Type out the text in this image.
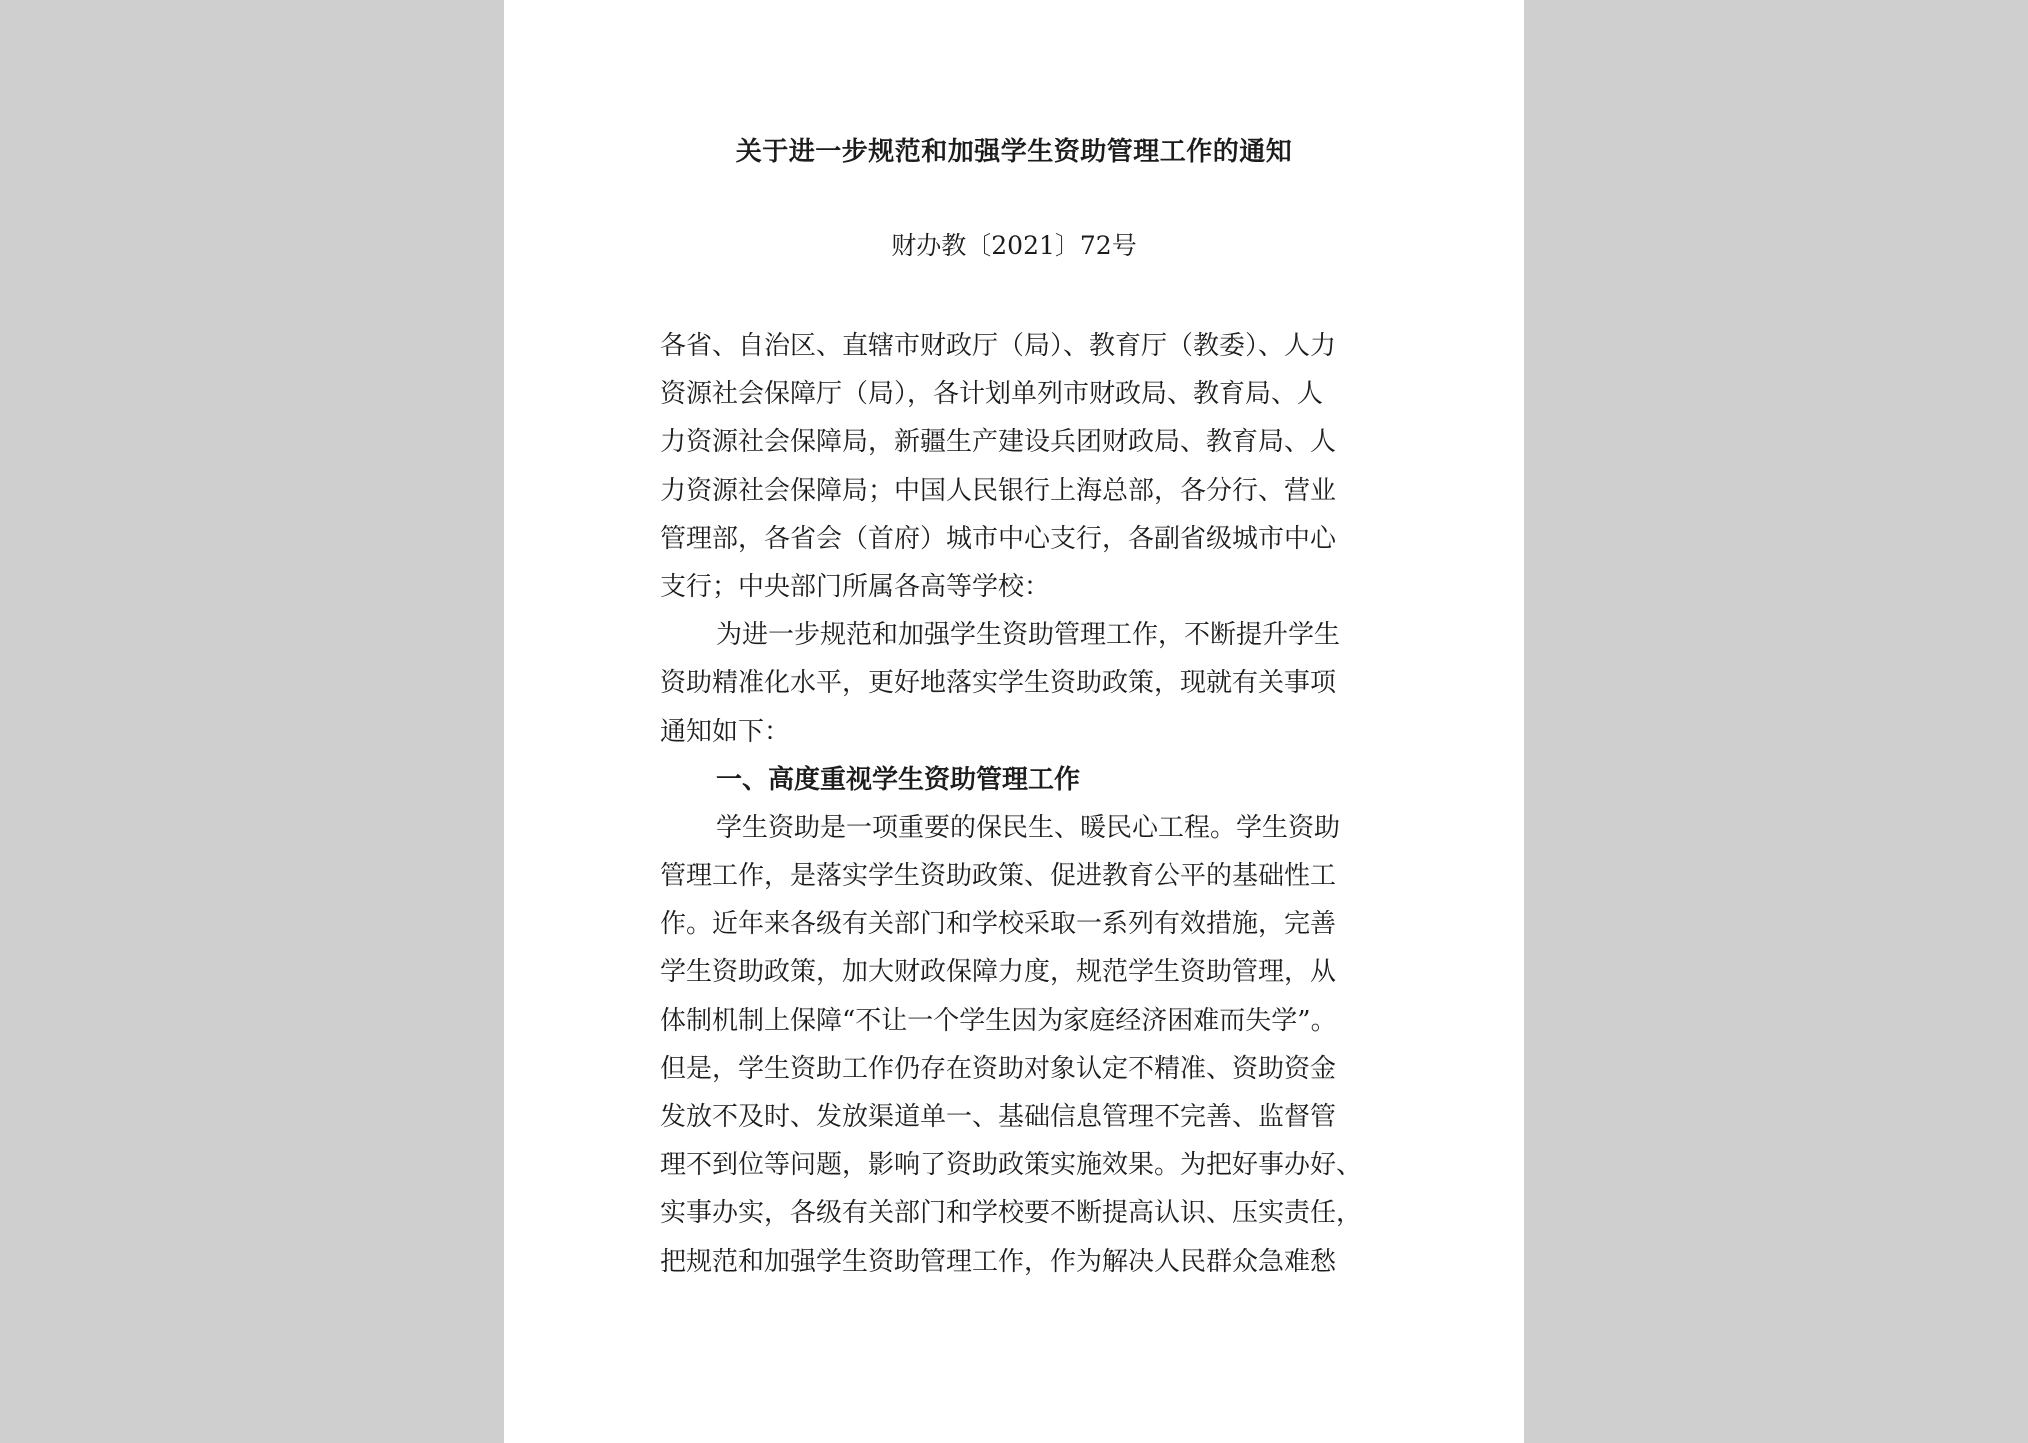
关于进一步规范和加强学生资助管理工作的通知

财办教〔2021〕72号

各省、自治区、直辖市财政厅（局）、教育厅（教委）、人力
资源社会保障厅（局），各计划单列市财政局、教育局、人
力资源社会保障局，新疆生产建设兵团财政局、教育局、人
力资源社会保障局；中国人民银行上海总部，各分行、营业
管理部，各省会（首府）城市中心支行，各副省级城市中心
支行；中央部门所属各高等学校：
为进一步规范和加强学生资助管理工作，不断提升学生
资助精准化水平，更好地落实学生资助政策，现就有关事项
通知如下：
一、高度重视学生资助管理工作
学生资助是一项重要的保民生、暖民心工程。学生资助
管理工作，是落实学生资助政策、促进教育公平的基础性工
作。近年来各级有关部门和学校采取一系列有效措施，完善
学生资助政策，加大财政保障力度，规范学生资助管理，从
体制机制上保障“不让一个学生因为家庭经济困难而失学”。
但是，学生资助工作仍存在资助对象认定不精准、资助资金
发放不及时、发放渠道单一、基础信息管理不完善、监督管
理不到位等问题，影响了资助政策实施效果。为把好事办好、
实事办实，各级有关部门和学校要不断提高认识、压实责任，
把规范和加强学生资助管理工作，作为解决人民群众急难愁
